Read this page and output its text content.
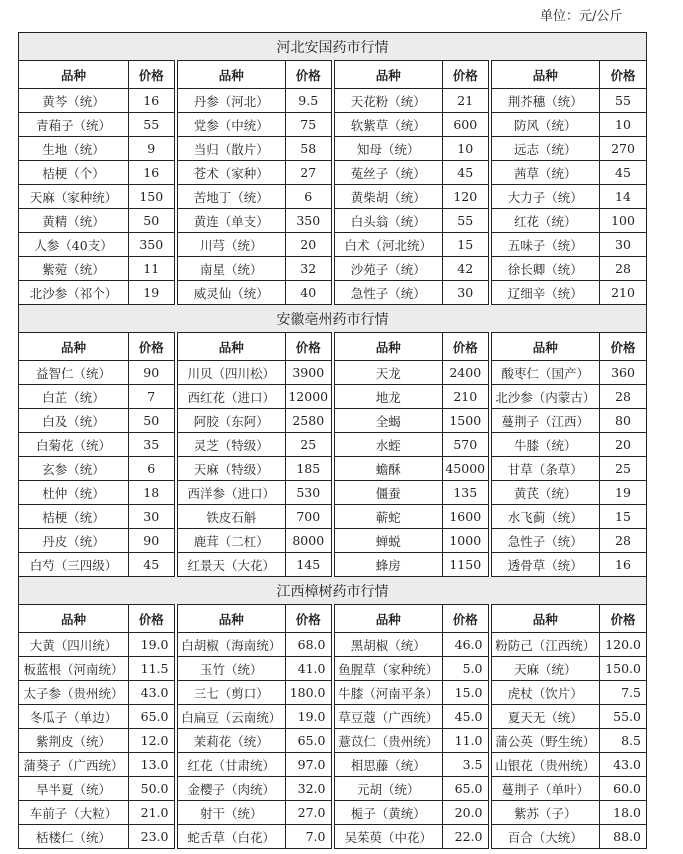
单位：元/公斤
河北安国药市行情							
品种	价格	品种	价格	品种	价格	品种	价格
黄芩（统）	16	丹参（河北）	9.5	天花粉（统）	21	荆芥穗（统）	55
青葙子（统）	55	党参（中统）	75	软紫草（统）	600	防风（统）	10
生地（统）	9	当归（散片）	58	知母（统）	10	远志（统）	270
桔梗（个）	16	苍术（家种）	27	菟丝子（统）	45	茜草（统）	45
天麻（家种统）	150	苦地丁（统）	6	黄柴胡（统）	120	大力子（统）	14
黄精（统）	50	黄连（单支）	350	白头翁（统）	55	红花（统）	100
人参（40支）	350	川芎（统）	20	白术（河北统）	15	五味子（统）	30
紫菀（统）	11	南星（统）	32	沙苑子（统）	42	徐长卿（统）	28
北沙参（祁个）	19	威灵仙（统）	40	急性子（统）	30	辽细辛（统）	210
安徽亳州药市行情							
品种	价格	品种	价格	品种	价格	品种	价格
益智仁（统）	90	川贝（四川松）	3900	天龙	2400	酸枣仁（国产）	360
白芷（统）	7	西红花（进口）	12000	地龙	210	北沙参（内蒙古）	28
白及（统）	50	阿胶（东阿）	2580	全蝎	1500	蔓荆子（江西）	80
白菊花（统）	35	灵芝（特级）	25	水蛭	570	牛膝（统）	20
玄参（统）	6	天麻（特级）	185	蟾酥	45000	甘草（条草）	25
杜仲（统）	18	西洋参（进口）	530	僵蚕	135	黄芪（统）	19
桔梗（统）	30	铁皮石斛	700	蕲蛇	1600	水飞蓟（统）	15
丹皮（统）	90	鹿茸（二杠）	8000	蝉蜕	1000	急性子（统）	28
白芍（三四级）	45	红景天（大花）	145	蜂房	1150	透骨草（统）	16
江西樟树药市行情							
品种	价格	品种	价格	品种	价格	品种	价格
大黄（四川统）	19.0	白胡椒（海南统）	68.0	黑胡椒（统）	46.0	粉防己（江西统）	120.0
板蓝根（河南统）	11.5	玉竹（统）	41.0	鱼腥草（家种统）	5.0	天麻（统）	150.0
太子参（贵州统）	43.0	三七（剪口）	180.0	牛膝（河南平条）	15.0	虎杖（饮片）	7.5
冬瓜子（单边）	65.0	白扁豆（云南统）	19.0	草豆蔻（广西统）	45.0	夏天无（统）	55.0
紫荆皮（统）	12.0	茉莉花（统）	65.0	薏苡仁（贵州统）	11.0	蒲公英（野生统）	8.5
蒲葵子（广西统）	13.0	红花（甘肃统）	97.0	相思藤（统）	3.5	山银花（贵州统）	43.0
旱半夏（统）	50.0	金樱子（肉统）	32.0	元胡（统）	65.0	蔓荆子（单叶）	60.0
车前子（大粒）	21.0	射干（统）	27.0	栀子（黄统）	20.0	紫苏（子）	18.0
栝楼仁（统）	23.0	蛇舌草（白花）	7.0	吴茱萸（中花）	22.0	百合（大统）	88.0
